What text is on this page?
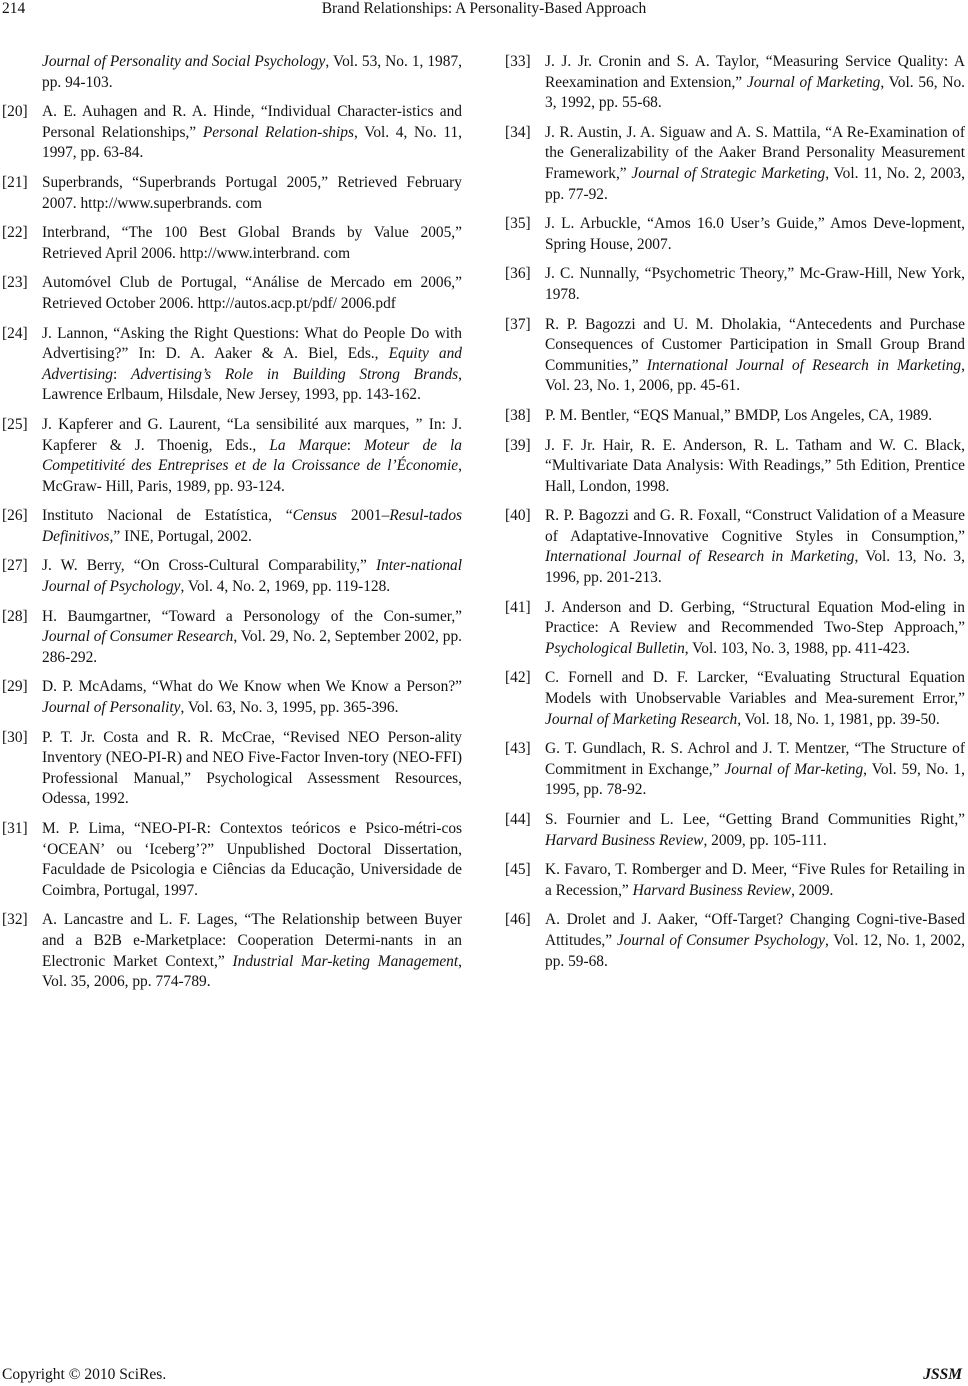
214	Brand Relationships: A Personality-Based Approach
Journal of Personality and Social Psychology, Vol. 53, No. 1, 1987, pp. 94-103.
[20] A. E. Auhagen and R. A. Hinde, “Individual Character-istics and Personal Relationships,” Personal Relation-ships, Vol. 4, No. 11, 1997, pp. 63-84.
[21] Superbrands, “Superbrands Portugal 2005,” Retrieved February 2007. http://www.superbrands. com
[22] Interbrand, “The 100 Best Global Brands by Value 2005,” Retrieved April 2006. http://www.interbrand. com
[23] Automóvel Club de Portugal, “Análise de Mercado em 2006,” Retrieved October 2006. http://autos.acp.pt/pdf/ 2006.pdf
[24] J. Lannon, “Asking the Right Questions: What do People Do with Advertising?” In: D. A. Aaker & A. Biel, Eds., Equity and Advertising: Advertising’s Role in Building Strong Brands, Lawrence Erlbaum, Hilsdale, New Jersey, 1993, pp. 143-162.
[25] J. Kapferer and G. Laurent, “La sensibilité aux marques, ” In: J. Kapferer & J. Thoenig, Eds., La Marque: Moteur de la Competitivité des Entreprises et de la Croissance de l’Économie, McGraw- Hill, Paris, 1989, pp. 93-124.
[26] Instituto Nacional de Estatística, “Census 2001–Resul-tados Definitivos,” INE, Portugal, 2002.
[27] J. W. Berry, “On Cross-Cultural Comparability,” Inter-national Journal of Psychology, Vol. 4, No. 2, 1969, pp. 119-128.
[28] H. Baumgartner, “Toward a Personology of the Con-sumer,” Journal of Consumer Research, Vol. 29, No. 2, September 2002, pp. 286-292.
[29] D. P. McAdams, “What do We Know when We Know a Person?” Journal of Personality, Vol. 63, No. 3, 1995, pp. 365-396.
[30] P. T. Jr. Costa and R. R. McCrae, “Revised NEO Person-ality Inventory (NEO-PI-R) and NEO Five-Factor Inven-tory (NEO-FFI) Professional Manual,” Psychological Assessment Resources, Odessa, 1992.
[31] M. P. Lima, “NEO-PI-R: Contextos teóricos e Psico-métri-cos ‘OCEAN’ ou ‘Iceberg’?” Unpublished Doctoral Dissertation, Faculdade de Psicologia e Ciências da Educação, Universidade de Coimbra, Portugal, 1997.
[32] A. Lancastre and L. F. Lages, “The Relationship between Buyer and a B2B e-Marketplace: Cooperation Determi-nants in an Electronic Market Context,” Industrial Mar-keting Management, Vol. 35, 2006, pp. 774-789.
[33] J. J. Jr. Cronin and S. A. Taylor, “Measuring Service Quality: A Reexamination and Extension,” Journal of Marketing, Vol. 56, No. 3, 1992, pp. 55-68.
[34] J. R. Austin, J. A. Siguaw and A. S. Mattila, “A Re-Examination of the Generalizability of the Aaker Brand Personality Measurement Framework,” Journal of Strategic Marketing, Vol. 11, No. 2, 2003, pp. 77-92.
[35] J. L. Arbuckle, “Amos 16.0 User’s Guide,” Amos Deve-lopment, Spring House, 2007.
[36] J. C. Nunnally, “Psychometric Theory,” Mc-Graw-Hill, New York, 1978.
[37] R. P. Bagozzi and U. M. Dholakia, “Antecedents and Purchase Consequences of Customer Participation in Small Group Brand Communities,” International Journal of Research in Marketing, Vol. 23, No. 1, 2006, pp. 45-61.
[38] P. M. Bentler, “EQS Manual,” BMDP, Los Angeles, CA, 1989.
[39] J. F. Jr. Hair, R. E. Anderson, R. L. Tatham and W. C. Black, “Multivariate Data Analysis: With Readings,” 5th Edition, Prentice Hall, London, 1998.
[40] R. P. Bagozzi and G. R. Foxall, “Construct Validation of a Measure of Adaptative-Innovative Cognitive Styles in Consumption,” International Journal of Research in Marketing, Vol. 13, No. 3, 1996, pp. 201-213.
[41] J. Anderson and D. Gerbing, “Structural Equation Mod-eling in Practice: A Review and Recommended Two-Step Approach,” Psychological Bulletin, Vol. 103, No. 3, 1988, pp. 411-423.
[42] C. Fornell and D. F. Larcker, “Evaluating Structural Equation Models with Unobservable Variables and Mea-surement Error,” Journal of Marketing Research, Vol. 18, No. 1, 1981, pp. 39-50.
[43] G. T. Gundlach, R. S. Achrol and J. T. Mentzer, “The Structure of Commitment in Exchange,” Journal of Mar-keting, Vol. 59, No. 1, 1995, pp. 78-92.
[44] S. Fournier and L. Lee, “Getting Brand Communities Right,” Harvard Business Review, 2009, pp. 105-111.
[45] K. Favaro, T. Romberger and D. Meer, “Five Rules for Retailing in a Recession,” Harvard Business Review, 2009.
[46] A. Drolet and J. Aaker, “Off-Target? Changing Cogni-tive-Based Attitudes,” Journal of Consumer Psychology, Vol. 12, No. 1, 2002, pp. 59-68.
Copyright © 2010 SciRes.	JSSM
